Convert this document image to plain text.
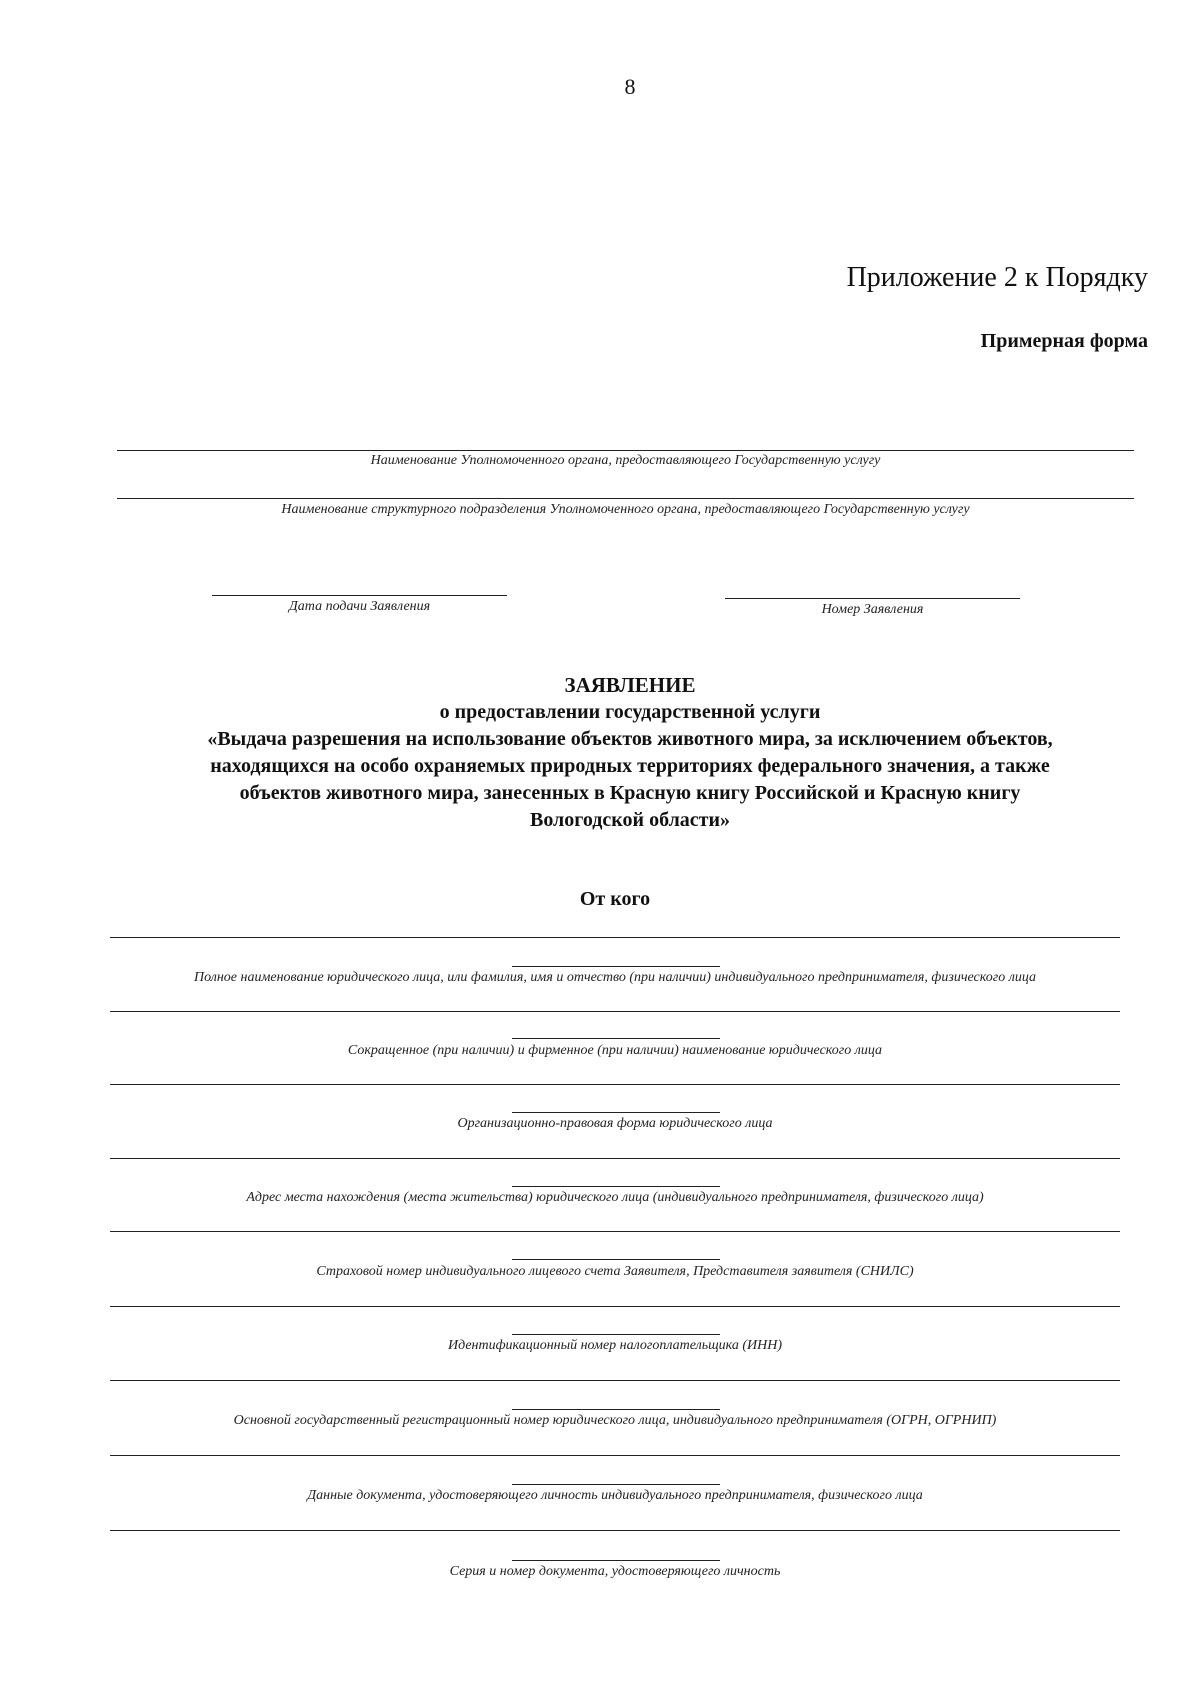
8
Приложение 2 к Порядку
Примерная форма
Наименование Уполномоченного органа, предоставляющего Государственную услугу
Наименование структурного подразделения Уполномоченного органа, предоставляющего Государственную услугу
Дата подачи Заявления	Номер Заявления
ЗАЯВЛЕНИЕ
о предоставлении государственной услуги
«Выдача разрешения на использование объектов животного мира, за исключением объектов,
находящихся на особо охраняемых природных территориях федерального значения, а также
объектов животного мира, занесенных в Красную книгу Российской и Красную книгу
Вологодской области»
От кого
Полное наименование юридического лица, или фамилия, имя и отчество (при наличии) индивидуального предпринимателя, физического лица
Сокращенное (при наличии) и фирменное (при наличии) наименование юридического лица
Организационно-правовая форма юридического лица
Адрес места нахождения (места жительства) юридического лица (индивидуального предпринимателя, физического лица)
Страховой номер индивидуального лицевого счета Заявителя, Представителя заявителя (СНИЛС)
Идентификационный номер налогоплательщика (ИНН)
Основной государственный регистрационный номер юридического лица, индивидуального предпринимателя (ОГРН, ОГРНИП)
Данные документа, удостоверяющего личность индивидуального предпринимателя, физического лица
Серия и номер документа, удостоверяющего личность
